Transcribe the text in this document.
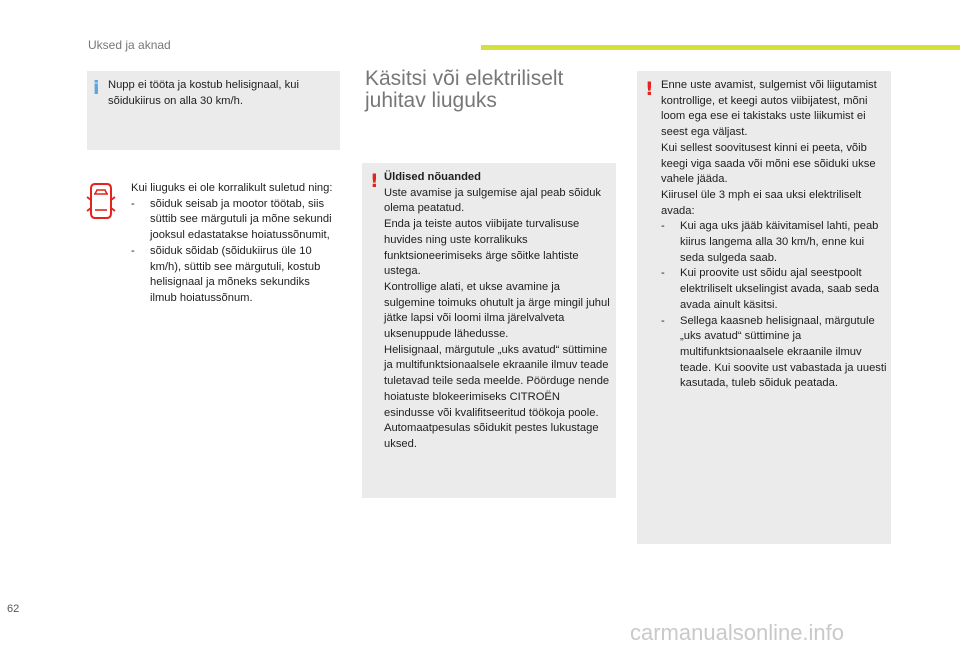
Uksed ja aknad
i Nupp ei tööta ja kostub helisignaal, kui sõidukiirus on alla 30 km/h.

Kui liuguks ei ole korralikult suletud ning:

- sõiduk seisab ja mootor töötab, siis süttib see märgutuli ja mõne sekundi jooksul edastatakse hoiatussõnumit,
- sõiduk sõidab (sõidukiirus üle 10 km/h), süttib see märgutuli, kostub helisignaal ja mõneks sekundiks ilmub hoiatussõnum.
Käsitsi või elektriliselt juhitav liuguks
! Üldised nõuanded

Uste avamise ja sulgemise ajal peab sõiduk olema peatatud.

Enda ja teiste autos viibijate turvalisuse huvides ning uste korralikuks funktsioneerimiseks ärge sõitke lahtiste ustega.

Kontrollige alati, et ukse avamine ja sulgemine toimuks ohutult ja ärge mingil juhul jätke lapsi või loomi ilma järelvalveta uksenuppude lähedusse.

Helisignaal, märgutule „uks avatud“ süttimine ja multifunktsionaalsele ekraanile ilmuv teade tuletavad teile seda meelde. Pöörduge nende hoiatuste blokeerimiseks CITROËN esindusse või kvalifitseeritud töökoja poole.

Automaatpesulas sõidukit pestes lukustage uksed.

! Enne uste avamist, sulgemist või liigutamist kontrollige, et keegi autos viibijatest, mõni loom ega ese ei takistaks uste liikumist ei seest ega väljast.

Kui sellest soovitusest kinni ei peeta, võib keegi viga saada või mõni ese sõiduki ukse vahele jääda.

Kiirusel üle 3 mph ei saa uksi elektriliselt avada:

- Kui aga uks jääb käivitamisel lahti, peab kiirus langema alla 30 km/h, enne kui seda sulgeda saab.
- Kui proovite ust sõidu ajal seestpoolt elektriliselt ukselingist avada, saab seda avada ainult käsitsi.
- Sellega kaasneb helisignaal, märgutule „uks avatud“ süttimine ja multifunktsionaalsele ekraanile ilmuv teade. Kui soovite ust vabastada ja uuesti kasutada, tuleb sõiduk peatada.
62
carmanualsonline.info
